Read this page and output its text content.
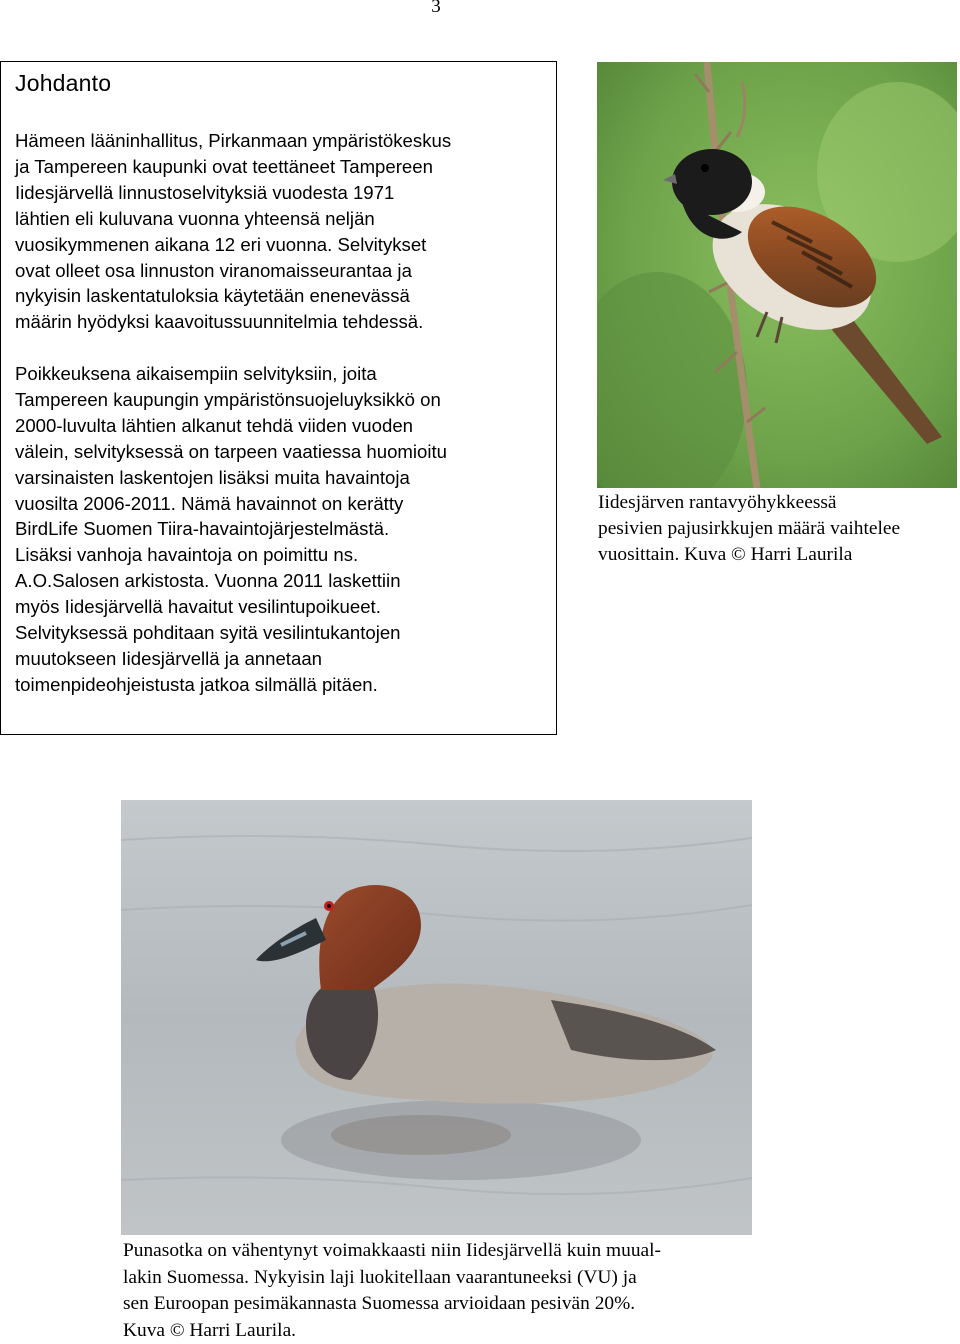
3
Johdanto

Hämeen lääninhallitus, Pirkanmaan ympäristökeskus
ja Tampereen kaupunki ovat teettäneet Tampereen
Iidesjärvellä linnustoselvityksiä vuodesta 1971
lähtien eli kuluvana vuonna yhteensä neljän
vuosikymmenen aikana 12 eri vuonna. Selvitykset
ovat olleet osa linnuston viranomaisseurantaa ja
nykyisin laskentatuloksia käytetään enenevässä
määrin hyödyksi kaavoitussuunnitelmia tehdessä.

Poikkeuksena aikaisempiin selvityksiin, joita
Tampereen kaupungin ympäristönsuojeluyksikkö on
2000-luvulta lähtien alkanut tehdä viiden vuoden
välein, selvityksessä on tarpeen vaatiessa huomioitu
varsinaisten laskentojen lisäksi muita havaintoja
vuosilta 2006-2011. Nämä havainnot on kerätty
BirdLife Suomen Tiira-havaintojärjestelmästä.
Lisäksi vanhoja havaintoja on poimittu ns.
A.O.Salosen arkistosta. Vuonna 2011 laskettiin
myös Iidesjärvellä havaitut vesilintupoikueet.
Selvityksessä pohditaan syitä vesilintukantojen
muutokseen Iidesjärvellä ja annetaan
toimenpideohjeistusta jatkoa silmällä pitäen.

Iidesjärven rantavyöhykkeessä
pesivien pajusirkkujen määrä vaihtelee
vuosittain. Kuva © Harri Laurila

Punasotka on vähentynyt voimakkaasti niin Iidesjärvellä kuin muual-
lakin Suomessa. Nykyisin laji luokitellaan vaarantuneeksi (VU) ja
sen Euroopan pesimäkannasta Suomessa arvioidaan pesivän 20%.
Kuva © Harri Laurila.
